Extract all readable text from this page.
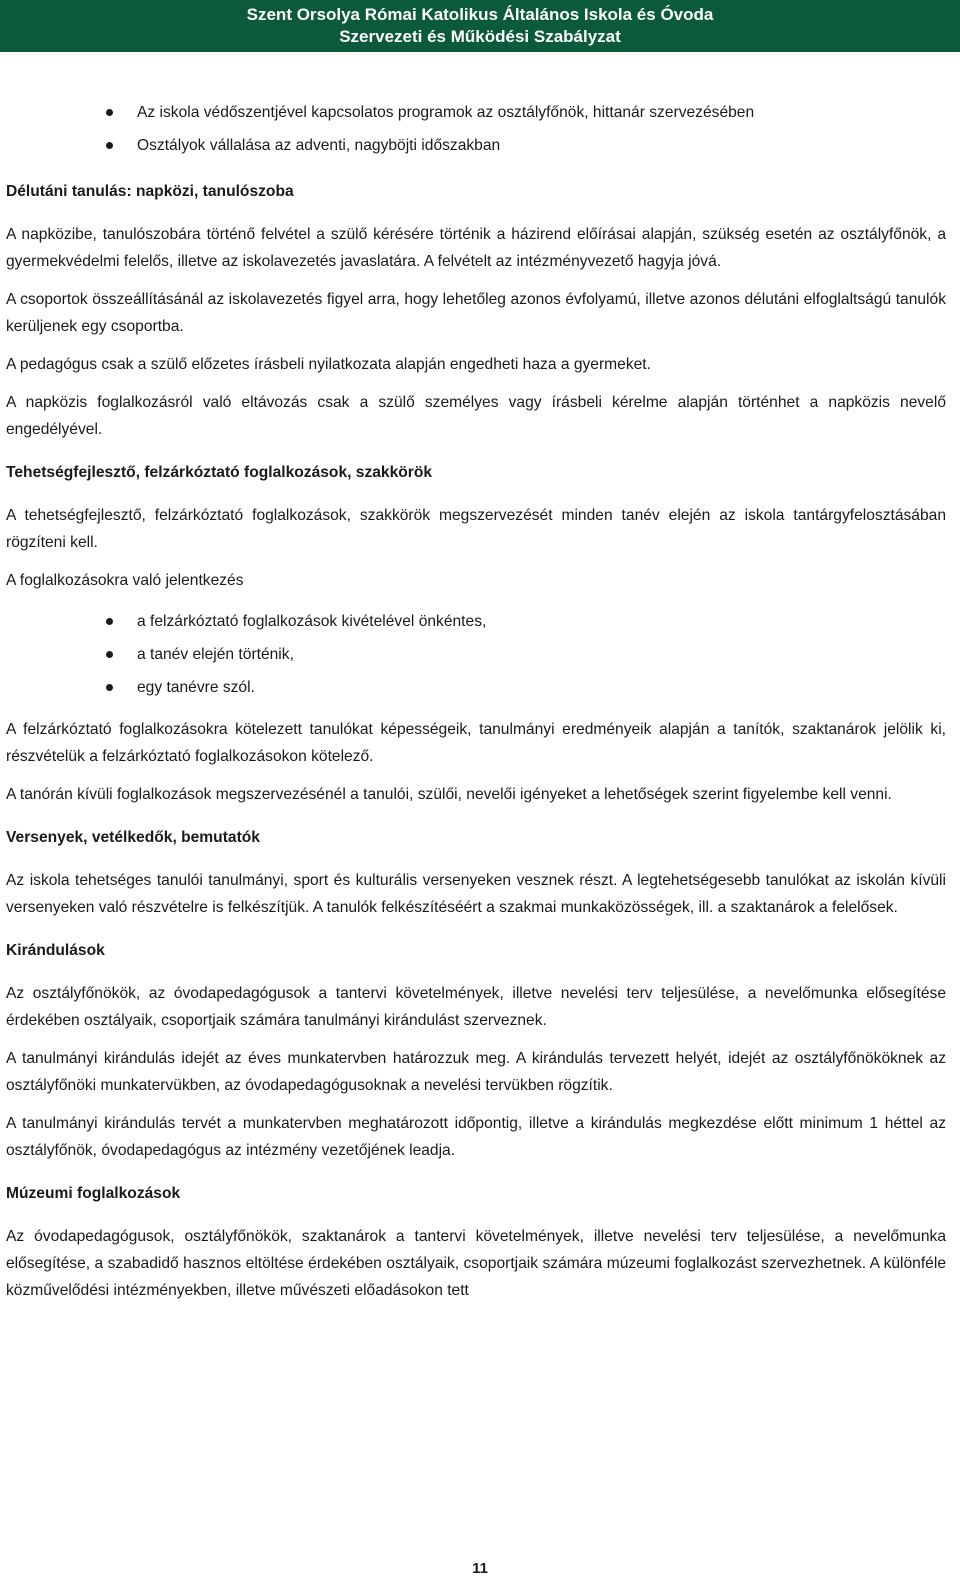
Szent Orsolya Római Katolikus Általános Iskola és Óvoda
Szervezeti és Működési Szabályzat
Az iskola védőszentjével kapcsolatos programok az osztályfőnök, hittanár szervezésében
Osztályok vállalása az adventi, nagyböjti időszakban

Délutáni tanulás: napközi, tanulószoba

A napközibe, tanulószobára történő felvétel a szülő kérésére történik a házirend előírásai alapján, szükség esetén az osztályfőnök, a gyermekvédelmi felelős, illetve az iskolavezetés javaslatára. A felvételt az intézményvezető hagyja jóvá.

A csoportok összeállításánál az iskolavezetés figyel arra, hogy lehetőleg azonos évfolyamú, illetve azonos délutáni elfoglaltságú tanulók kerüljenek egy csoportba.

A pedagógus csak a szülő előzetes írásbeli nyilatkozata alapján engedheti haza a gyermeket.

A napközis foglalkozásról való eltávozás csak a szülő személyes vagy írásbeli kérelme alapján történhet a napközis nevelő engedélyével.

Tehetségfejlesztő, felzárkóztató foglalkozások, szakkörök

A tehetségfejlesztő, felzárkóztató foglalkozások, szakkörök megszervezését minden tanév elején az iskola tantárgyfelosztásában rögzíteni kell.

A foglalkozásokra való jelentkezés

a felzárkóztató foglalkozások kivételével önkéntes,
a tanév elején történik,
egy tanévre szól.

A felzárkóztató foglalkozásokra kötelezett tanulókat képességeik, tanulmányi eredményeik alapján a tanítók, szaktanárok jelölik ki, részvételük a felzárkóztató foglalkozásokon kötelező.

A tanórán kívüli foglalkozások megszervezésénél a tanulói, szülői, nevelői igényeket a lehetőségek szerint figyelembe kell venni.

Versenyek, vetélkedők, bemutatók

Az iskola tehetséges tanulói tanulmányi, sport és kulturális versenyeken vesznek részt. A legtehetségesebb tanulókat az iskolán kívüli versenyeken való részvételre is felkészítjük. A tanulók felkészítéséért a szakmai munkaközösségek, ill. a szaktanárok a felelősek.

Kirándulások

Az osztályfőnökök, az óvodapedagógusok a tantervi követelmények, illetve nevelési terv teljesülése, a nevelőmunka elősegítése érdekében osztályaik, csoportjaik számára tanulmányi kirándulást szerveznek.

A tanulmányi kirándulás idejét az éves munkatervben határozzuk meg. A kirándulás tervezett helyét, idejét az osztályfőnököknek az osztályfőnöki munkatervükben, az óvodapedagógusoknak a nevelési tervükben rögzítik.

A tanulmányi kirándulás tervét a munkatervben meghatározott időpontig, illetve a kirándulás megkezdése előtt minimum 1 héttel az osztályfőnök, óvodapedagógus az intézmény vezetőjének leadja.

Múzeumi foglalkozások

Az óvodapedagógusok, osztályfőnökök, szaktanárok a tantervi követelmények, illetve nevelési terv teljesülése, a nevelőmunka elősegítése, a szabadidő hasznos eltöltése érdekében osztályaik, csoportjaik számára múzeumi foglalkozást szervezhetnek. A különféle közművelődési intézményekben, illetve művészeti előadásokon tett

11
